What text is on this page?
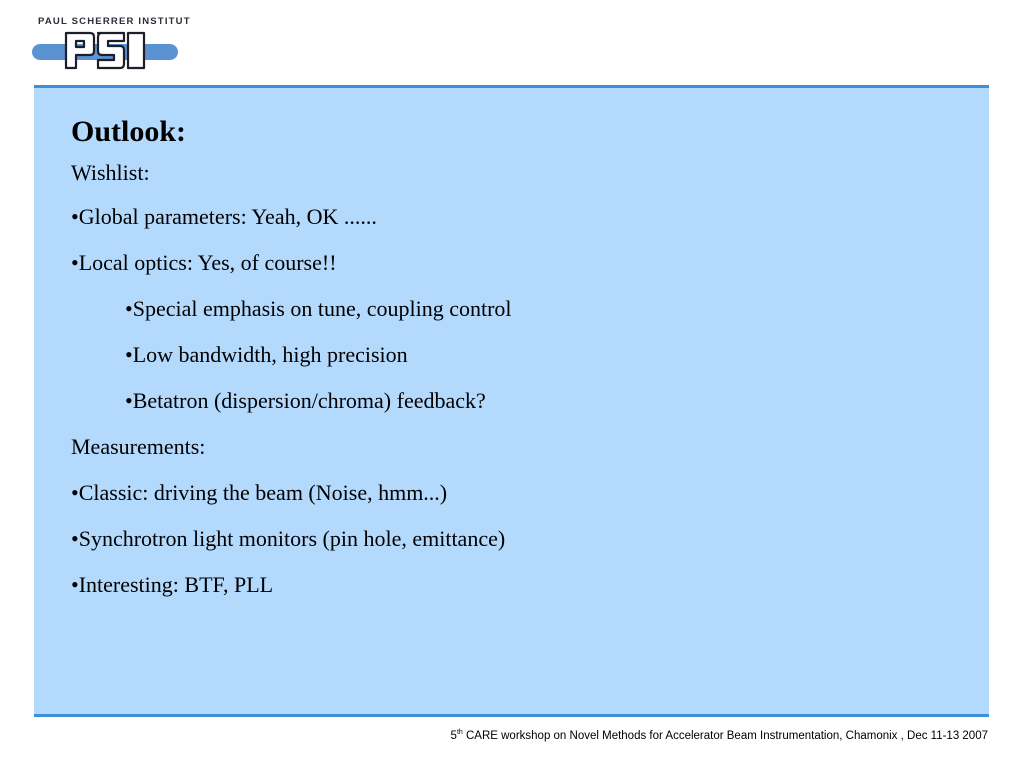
PAUL SCHERRER INSTITUT
Outlook:
Wishlist:
•Global parameters: Yeah, OK ......
•Local optics: Yes, of course!!
•Special emphasis on tune, coupling control
•Low bandwidth, high precision
•Betatron (dispersion/chroma) feedback?
Measurements:
•Classic: driving the beam (Noise, hmm...)
•Synchrotron light monitors (pin hole, emittance)
•Interesting: BTF, PLL
5th CARE workshop on Novel Methods for Accelerator Beam Instrumentation, Chamonix , Dec 11-13 2007
